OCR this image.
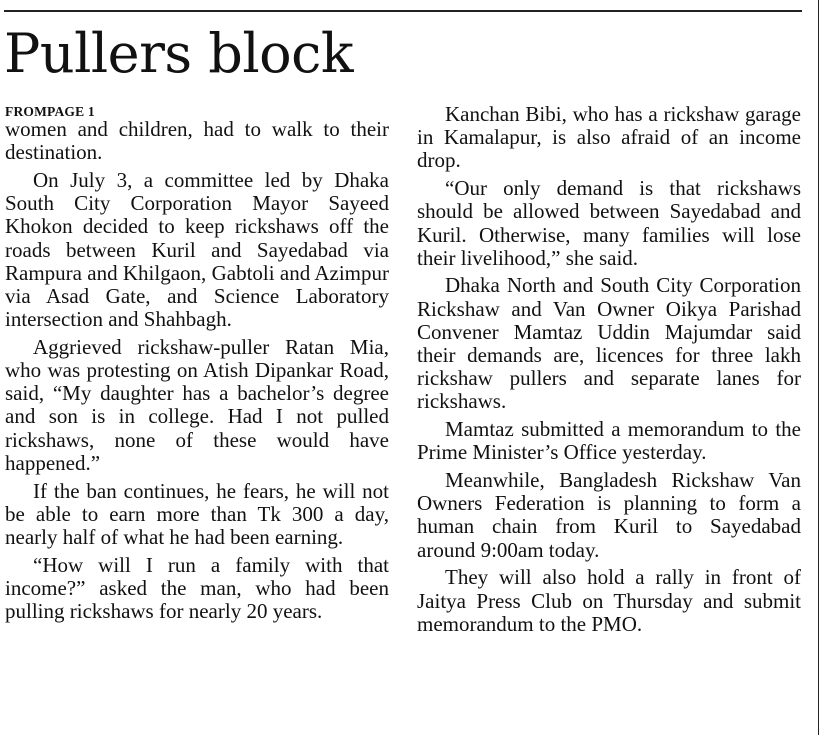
Pullers block
FROMPAGE 1

women and children, had to walk to their destination.

On July 3, a committee led by Dhaka South City Corporation Mayor Sayeed Khokon decided to keep rickshaws off the roads between Kuril and Sayedabad via Rampura and Khilgaon, Gabtoli and Azimpur via Asad Gate, and Science Laboratory intersection and Shahbagh.

Aggrieved rickshaw-puller Ratan Mia, who was protesting on Atish Dipankar Road, said, “My daughter has a bachelor’s degree and son is in college. Had I not pulled rickshaws, none of these would have happened.”

If the ban continues, he fears, he will not be able to earn more than Tk 300 a day, nearly half of what he had been earning.

“How will I run a family with that income?” asked the man, who had been pulling rickshaws for nearly 20 years.

Kanchan Bibi, who has a rickshaw garage in Kamalapur, is also afraid of an income drop.

“Our only demand is that rickshaws should be allowed between Sayedabad and Kuril. Otherwise, many families will lose their livelihood,” she said.

Dhaka North and South City Corporation Rickshaw and Van Owner Oikya Parishad Convener Mamtaz Uddin Majumdar said their demands are, licences for three lakh rickshaw pullers and separate lanes for rickshaws.

Mamtaz submitted a memorandum to the Prime Minister’s Office yesterday.

Meanwhile, Bangladesh Rickshaw Van Owners Federation is planning to form a human chain from Kuril to Sayedabad around 9:00am today.

They will also hold a rally in front of Jaitya Press Club on Thursday and submit memorandum to the PMO.
